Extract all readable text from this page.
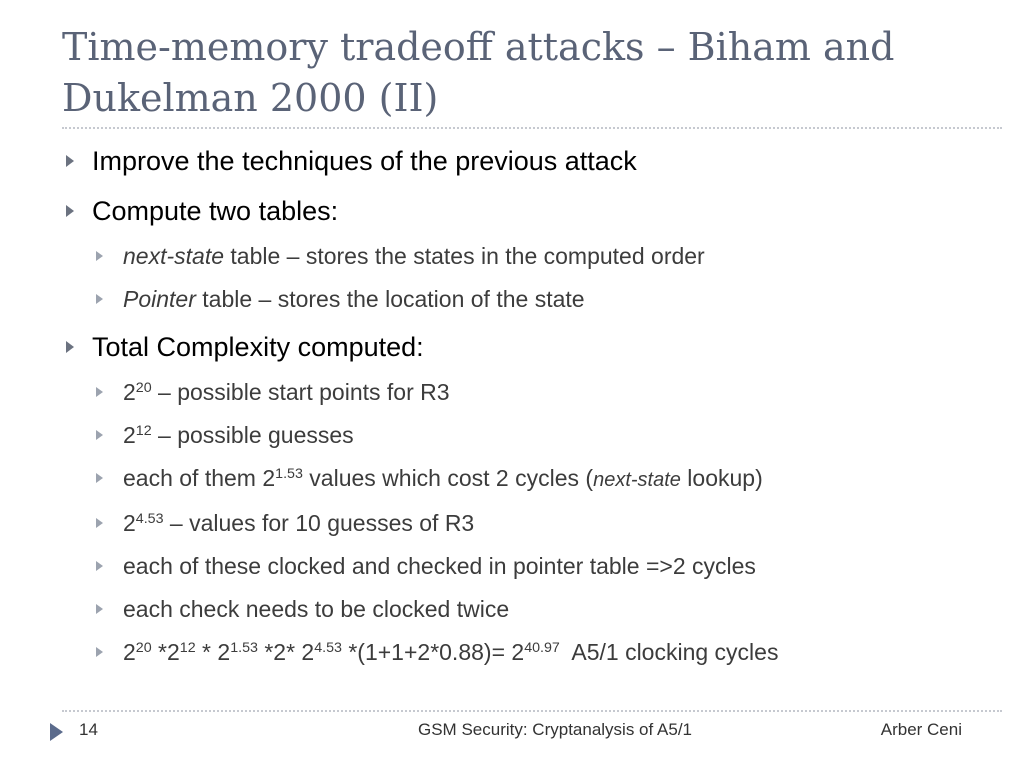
Time-memory tradeoff attacks – Biham and
Dukelman 2000 (II)
Improve the techniques of the previous attack
Compute two tables:
next-state table – stores the states in the computed order
Pointer table – stores the location of the state
Total Complexity computed:
$2^{20}$ – possible start points for R3
$2^{12}$ – possible guesses
each of them $2^{1.53}$ values which cost 2 cycles (next-state lookup)
$2^{4.53}$ – values for 10 guesses of R3
each of these clocked and checked in pointer table =>2 cycles
each check needs to be clocked twice
$2^{20}$ $*2^{12} * 2^{1.53}$ *2* $2^{4.53}$ $*(1+1+2*0.88)= 2^{40.97}$  A5/1 clocking cycles
14	GSM Security: Cryptanalysis of A5/1	Arber Ceni
